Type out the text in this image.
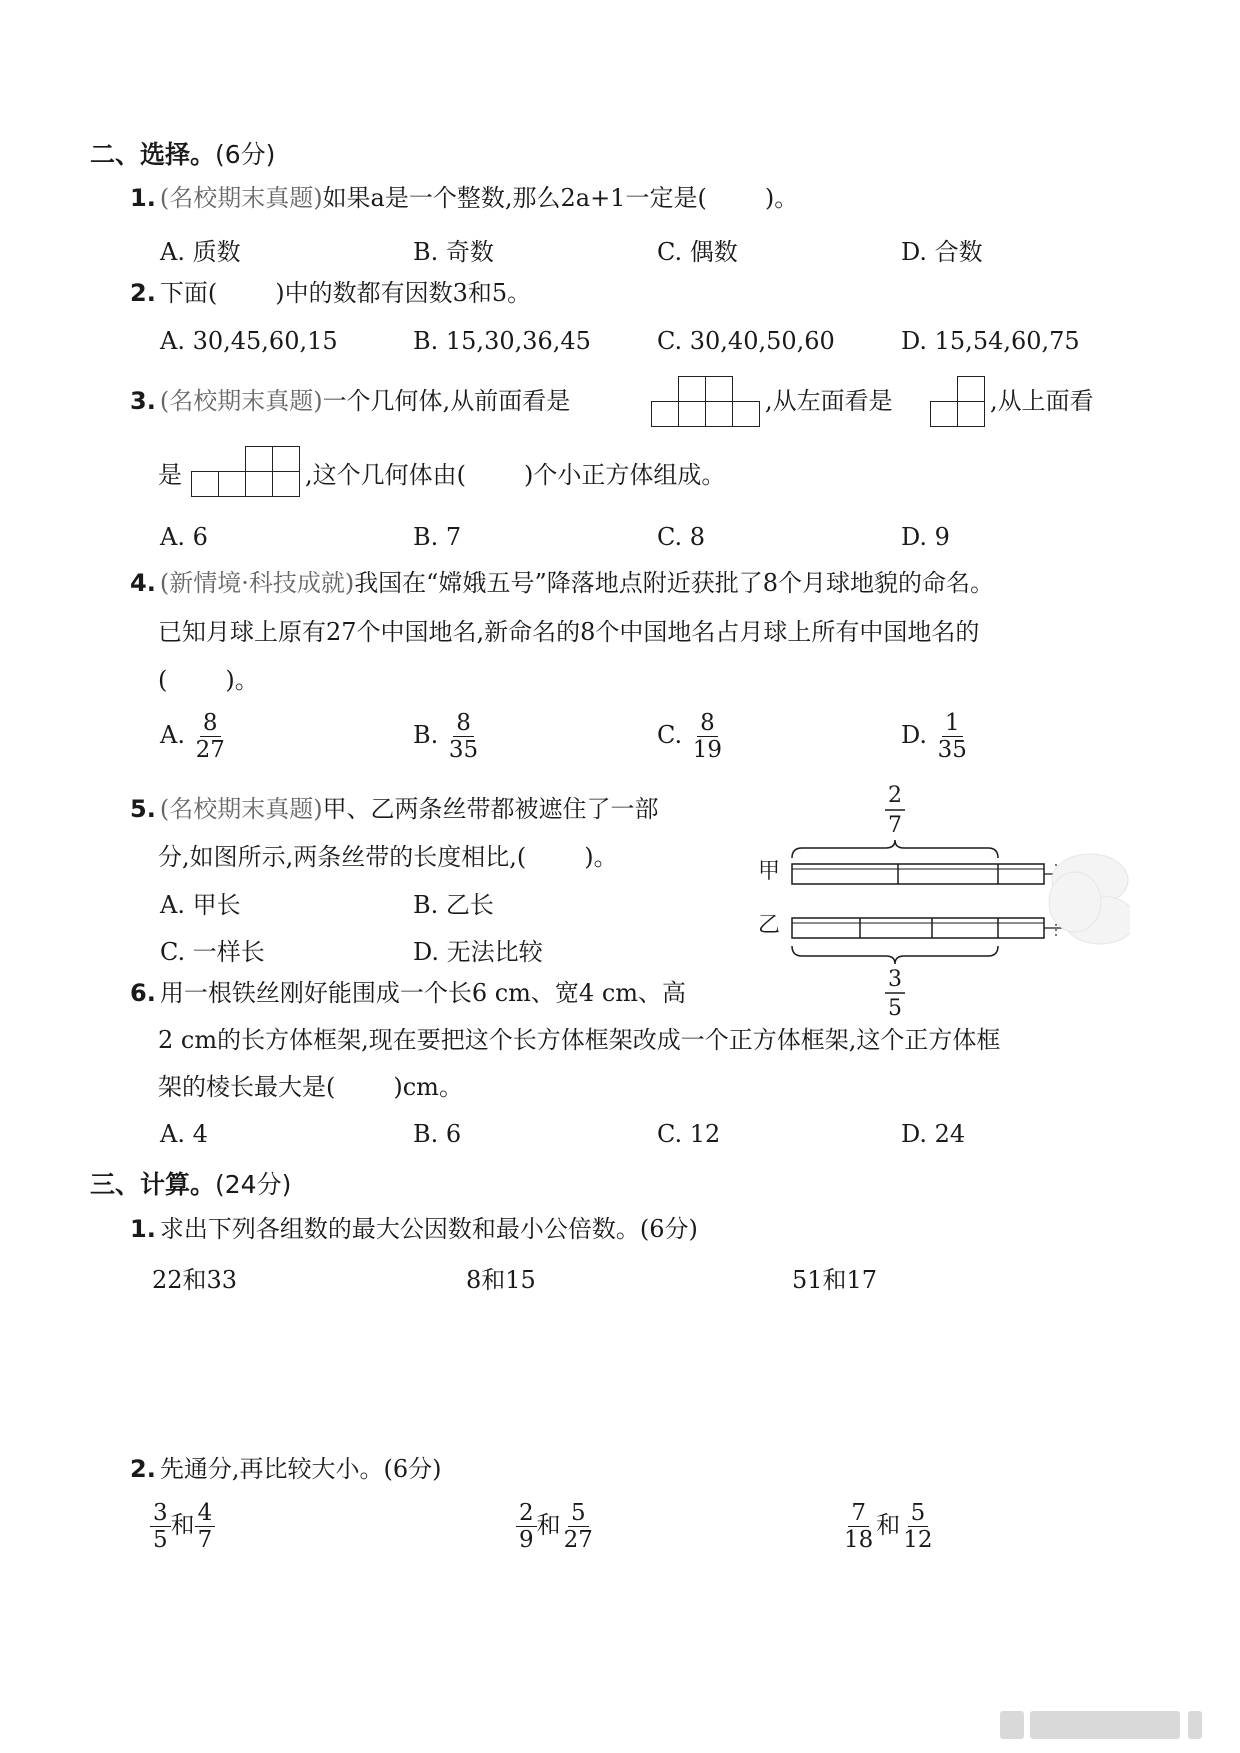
二、选择。(6分)
1. (名校期末真题)如果a是一个整数,那么2a+1一定是( )。
A. 质数	B. 奇数	C. 偶数	D. 合数
2. 下面( )中的数都有因数3和5。
A. 30,45,60,15	B. 15,30,36,45	C. 30,40,50,60	D. 15,54,60,75
3. (名校期末真题)一个几何体,从前面看是

				,从左面看是

		,从上面看
是

				,这个几何体由( )个小正方体组成。
A. 6	B. 7	C. 8	D. 9
4. (新情境·科技成就)我国在“嫦娥五号”降落地点附近获批了8个月球地貌的命名。
已知月球上原有27个中国地名,新命名的8个中国地名占月球上所有中国地名的
( )。
A. $\frac{8}{27}$	B. $\frac{8}{35}$	C. $\frac{8}{19}$	D. $\frac{1}{35}$
5. (名校期末真题)甲、乙两条丝带都被遮住了一部
分,如图所示,两条丝带的长度相比,( )。
A. 甲长	B. 乙长
C. 一样长	D. 无法比较
2
7
甲
乙
3
5
6. 用一根铁丝刚好能围成一个长6 cm、宽4 cm、高
2 cm的长方体框架,现在要把这个长方体框架改成一个正方体框架,这个正方体框
架的棱长最大是( )cm。
A. 4	B. 6	C. 12	D. 24
三、计算。(24分)
1. 求出下列各组数的最大公因数和最小公倍数。(6分)
22和33	8和15	51和17
2. 先通分,再比较大小。(6分)
$\frac{3}{5}$ 和 $\frac{4}{7}$	$\frac{2}{9}$ 和 $\frac{5}{27}$	$\frac{7}{18}$ 和 $\frac{5}{12}$
